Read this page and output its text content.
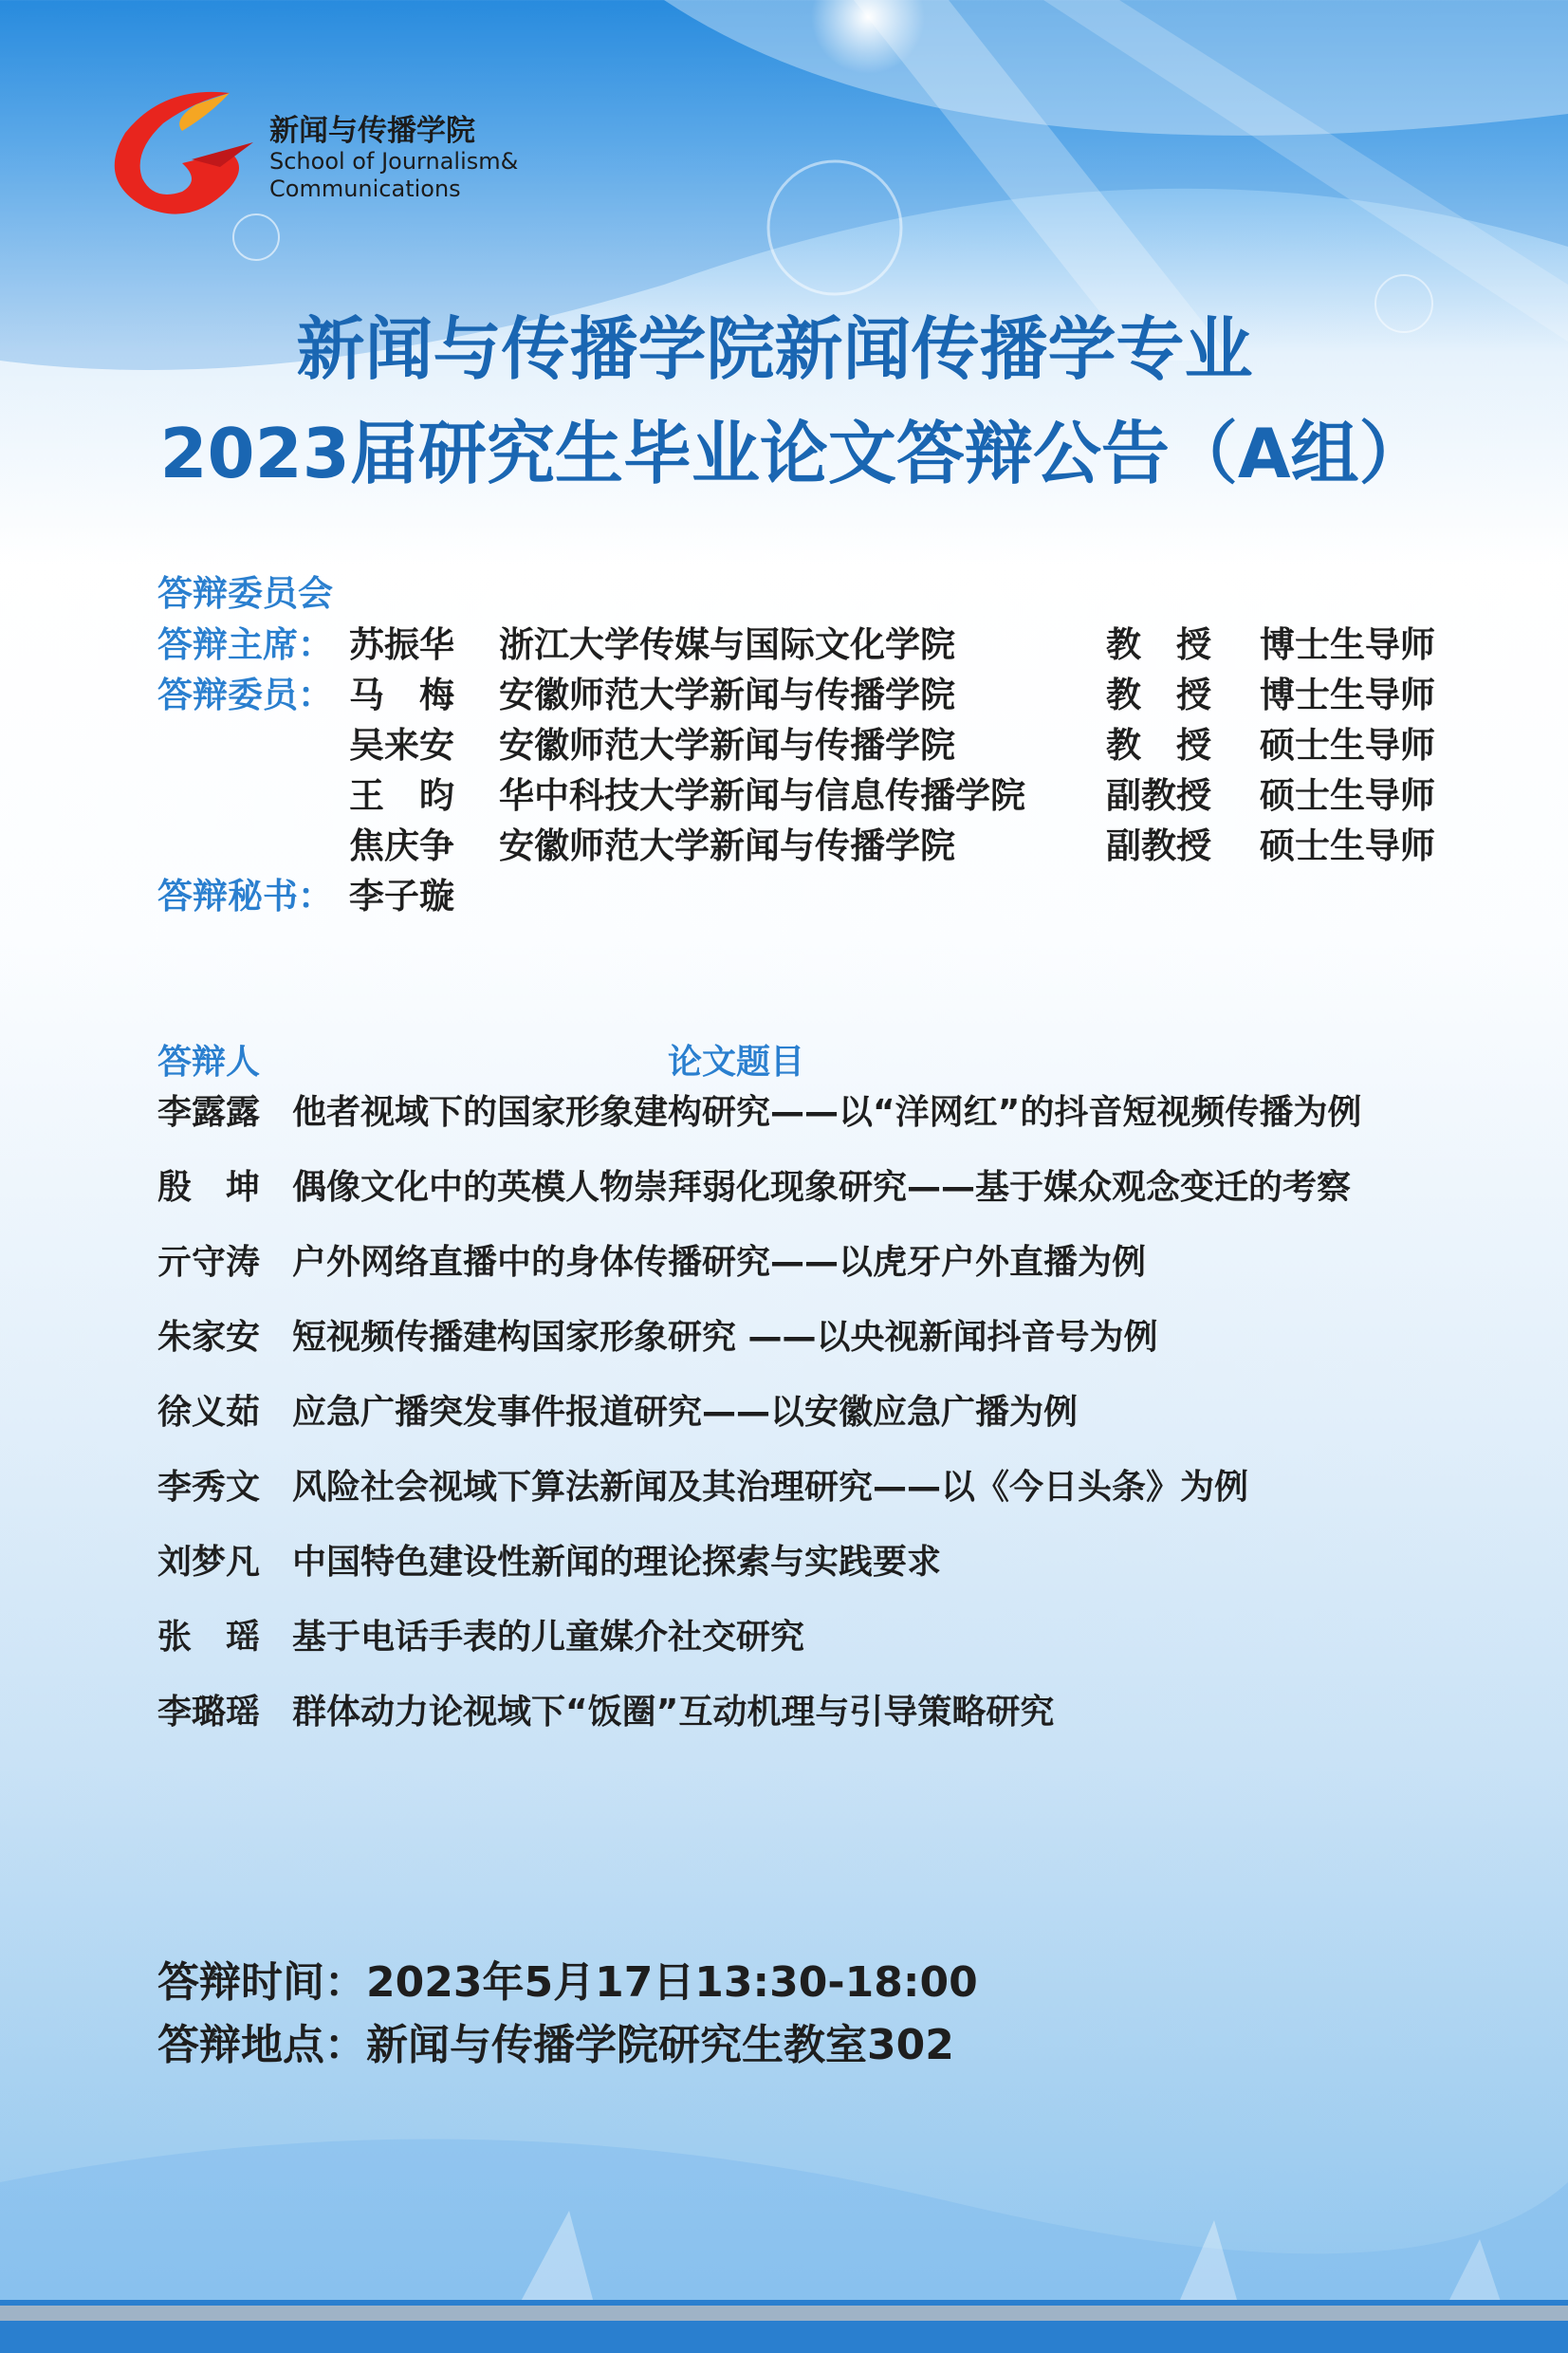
新闻与传播学院
School of Journalism&
Communications
新闻与传播学院新闻传播学专业
2023届研究生毕业论文答辩公告（A组）
答辩委员会
答辩主席： 苏振华 浙江大学传媒与国际文化学院	教　授 博士生导师
答辩委员： 马　梅 安徽师范大学新闻与传播学院	教　授 博士生导师
吴来安 安徽师范大学新闻与传播学院	教　授 硕士生导师
王　昀 华中科技大学新闻与信息传播学院 副教授 硕士生导师
焦庆争 安徽师范大学新闻与传播学院	副教授 硕士生导师
答辩秘书： 李子璇
答辩人	论文题目
李露露 他者视域下的国家形象建构研究——以“洋网红”的抖音短视频传播为例
殷　坤 偶像文化中的英模人物崇拜弱化现象研究——基于媒众观念变迁的考察
亓守涛 户外网络直播中的身体传播研究——以虎牙户外直播为例
朱家安 短视频传播建构国家形象研究 ——以央视新闻抖音号为例
徐义茹 应急广播突发事件报道研究——以安徽应急广播为例
李秀文 风险社会视域下算法新闻及其治理研究——以《今日头条》为例
刘梦凡 中国特色建设性新闻的理论探索与实践要求
张　瑶 基于电话手表的儿童媒介社交研究
李璐瑶 群体动力论视域下“饭圈”互动机理与引导策略研究
答辩时间：2023年5月17日13:30-18:00
答辩地点：新闻与传播学院研究生教室302
